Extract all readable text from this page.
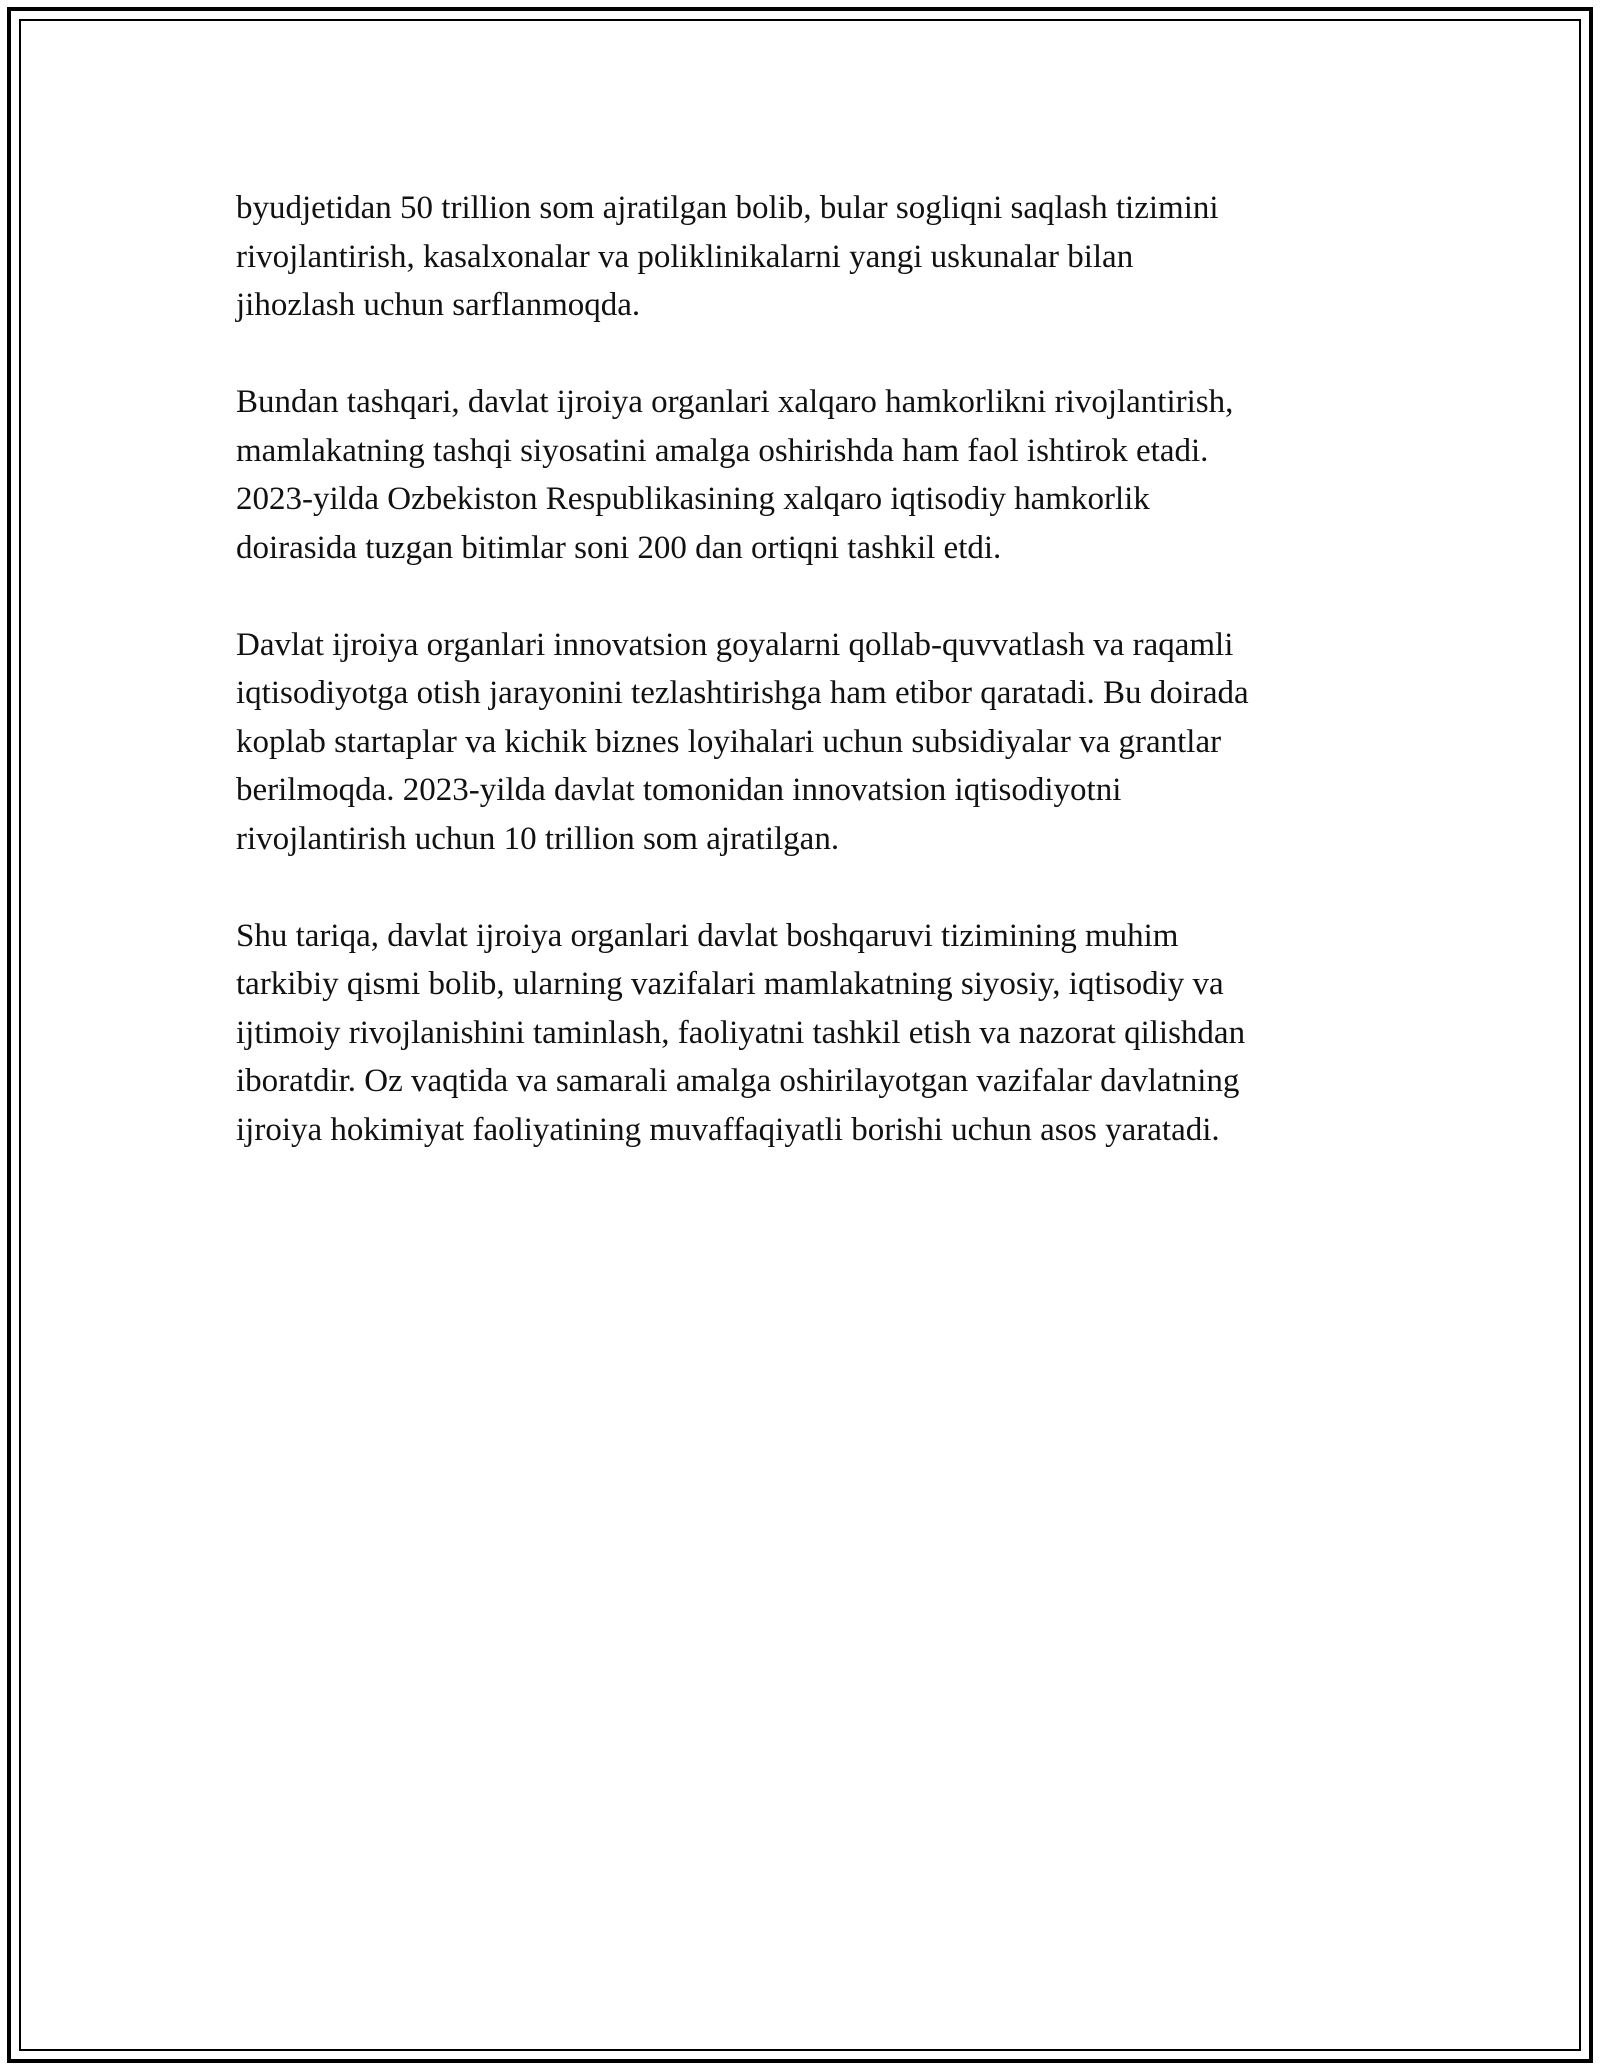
byudjetidan 50 trillion som ajratilgan bolib, bular sogliqni saqlash tizimini
rivojlantirish, kasalxonalar va poliklinikalarni yangi uskunalar bilan
jihozlash uchun sarflanmoqda.

Bundan tashqari, davlat ijroiya organlari xalqaro hamkorlikni rivojlantirish,
mamlakatning tashqi siyosatini amalga oshirishda ham faol ishtirok etadi.
2023-yilda Ozbekiston Respublikasining xalqaro iqtisodiy hamkorlik
doirasida tuzgan bitimlar soni 200 dan ortiqni tashkil etdi.

Davlat ijroiya organlari innovatsion goyalarni qollab-quvvatlash va raqamli
iqtisodiyotga otish jarayonini tezlashtirishga ham etibor qaratadi. Bu doirada
koplab startaplar va kichik biznes loyihalari uchun subsidiyalar va grantlar
berilmoqda. 2023-yilda davlat tomonidan innovatsion iqtisodiyotni
rivojlantirish uchun 10 trillion som ajratilgan.

Shu tariqa, davlat ijroiya organlari davlat boshqaruvi tizimining muhim
tarkibiy qismi bolib, ularning vazifalari mamlakatning siyosiy, iqtisodiy va
ijtimoiy rivojlanishini taminlash, faoliyatni tashkil etish va nazorat qilishdan
iboratdir. Oz vaqtida va samarali amalga oshirilayotgan vazifalar davlatning
ijroiya hokimiyat faoliyatining muvaffaqiyatli borishi uchun asos yaratadi.
